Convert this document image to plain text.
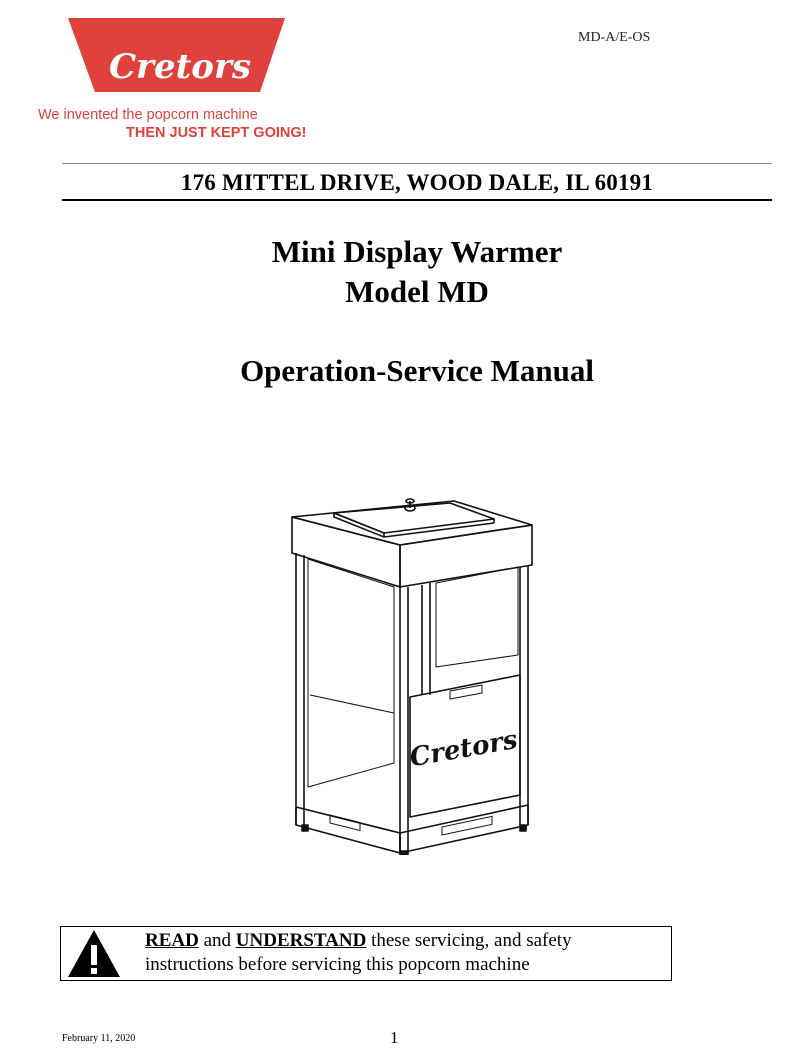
Cretors
We invented the popcorn machine
THEN JUST KEPT GOING!
MD-A/E-OS
176 MITTEL DRIVE, WOOD DALE, IL 60191
Mini Display Warmer
Model MD
Operation-Service Manual
Cretors
READ and UNDERSTAND these servicing, and safety
instructions before servicing this popcorn machine
February 11, 2020	1
